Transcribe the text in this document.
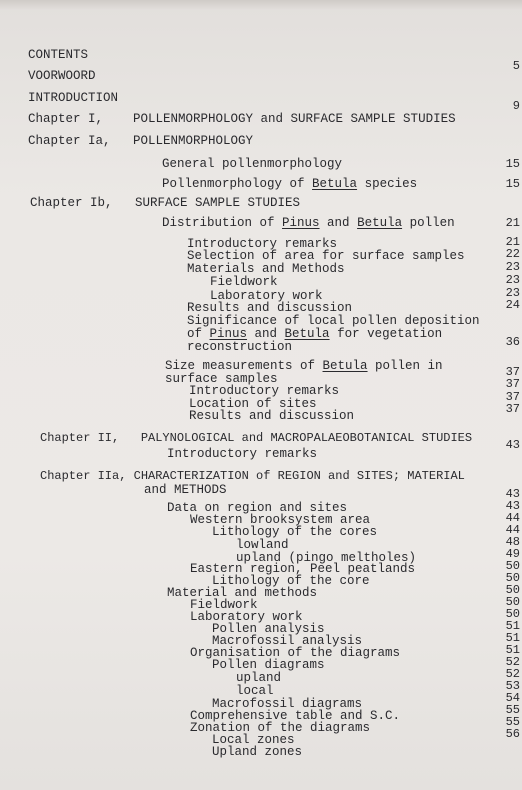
CONTENTS
VOORWOORD
INTRODUCTION
Chapter I,    POLLENMORPHOLOGY and SURFACE SAMPLE STUDIES
Chapter Ia,   POLLENMORPHOLOGY
General pollenmorphology
Pollenmorphology of Betula species
Chapter Ib,   SURFACE SAMPLE STUDIES
Distribution of Pinus and Betula pollen
Introductory remarks
Selection of area for surface samples
Materials and Methods
Fieldwork
Laboratory work
Results and discussion
Significance of local pollen deposition
of Pinus and Betula for vegetation
reconstruction
Size measurements of Betula pollen in
surface samples
Introductory remarks
Location of sites
Results and discussion
Chapter II,   PALYNOLOGICAL and MACROPALAEOBOTANICAL STUDIES
Introductory remarks
Chapter IIa, CHARACTERIZATION of REGION and SITES; MATERIAL
and METHODS
Data on region and sites
Western brooksystem area
Lithology of the cores
lowland
upland (pingo meltholes)
Eastern region, Peel peatlands
Lithology of the core
Material and methods
Fieldwork
Laboratory work
Pollen analysis
Macrofossil analysis
Organisation of the diagrams
Pollen diagrams
upland
local
Macrofossil diagrams
Comprehensive table and S.C.
Zonation of the diagrams
Local zones
Upland zones
5
9
15
15
21
21
22
23
23
23
24
36
37
37
37
37
43
43
43
44
44
48
49
50
50
50
50
50
51
51
51
52
52
53
54
55
55
56
